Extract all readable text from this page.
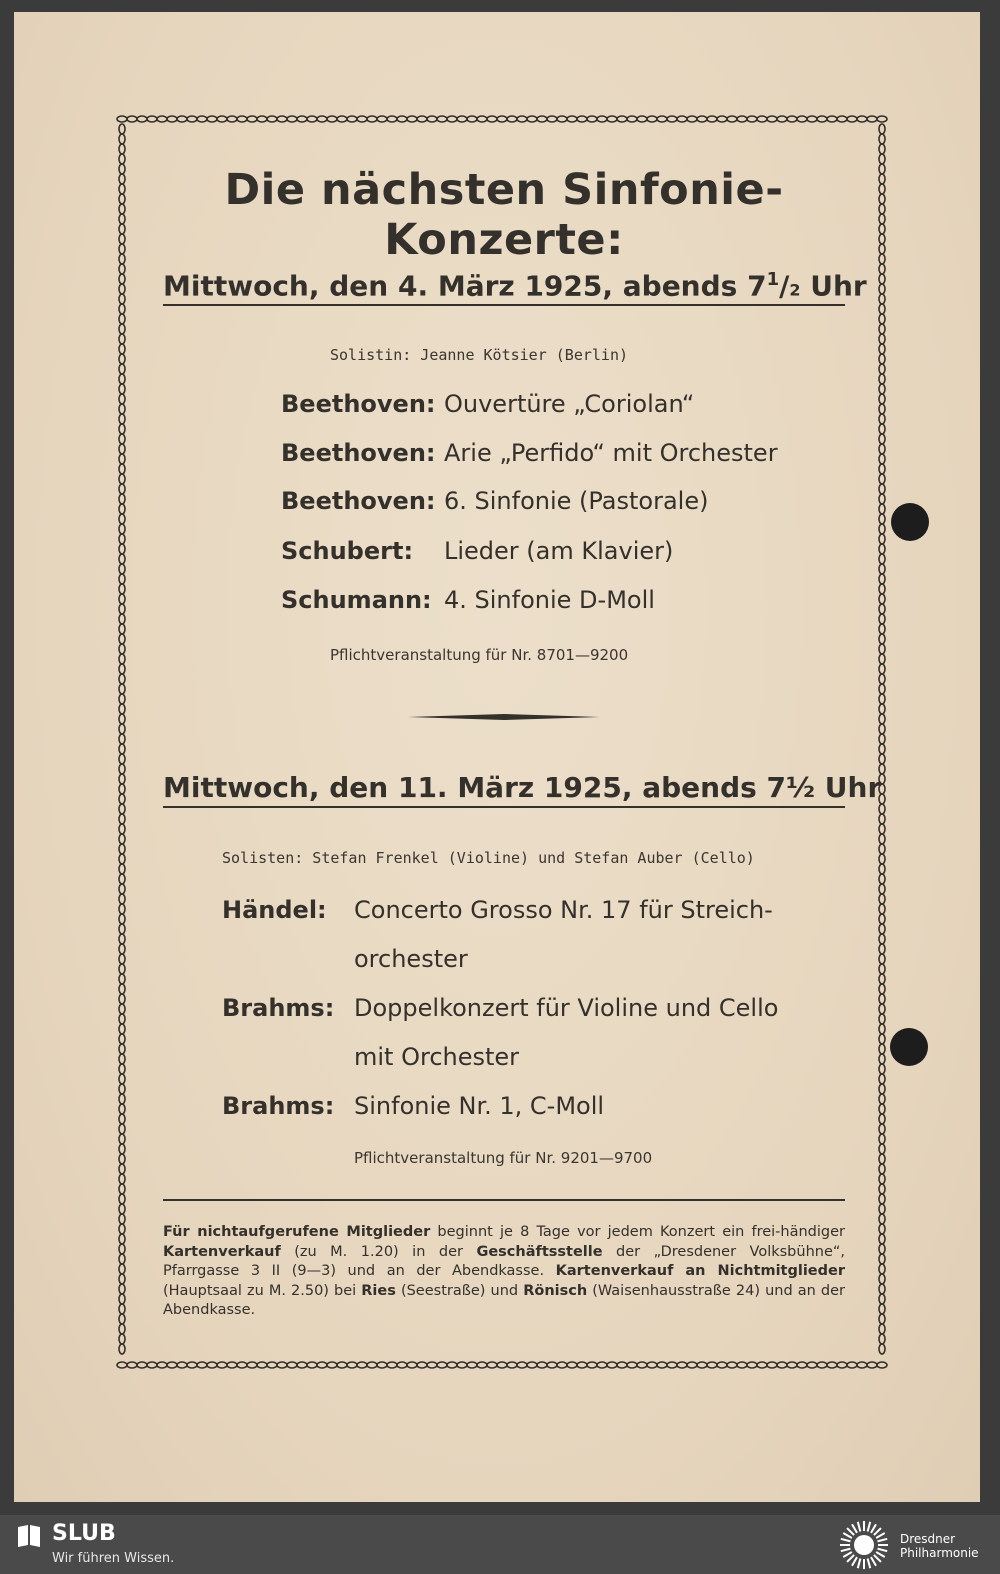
Die nächsten Sinfonie-Konzerte:
Mittwoch, den 4. März 1925, abends $7^1/2$ Uhr
Solistin: Jeanne Kötsier (Berlin)
Beethoven: Ouvertüre „Coriolan“
Beethoven: Arie „Perfido“ mit Orchester
Beethoven: 6. Sinfonie (Pastorale)
Schubert: Lieder (am Klavier)
Schumann: 4. Sinfonie D-Moll
Pflichtveranstaltung für Nr. 8701—9200
Mittwoch, den 11. März 1925, abends 7½ Uhr
Solisten: Stefan Frenkel (Violine) und Stefan Auber (Cello)
Händel: Concerto Grosso Nr. 17 für Streich-
orchester
Brahms: Doppelkonzert für Violine und Cello
mit Orchester
Brahms: Sinfonie Nr. 1, C-Moll
Pflichtveranstaltung für Nr. 9201—9700
Für nichtaufgerufene Mitglieder beginnt je 8 Tage vor jedem Konzert ein frei-händiger Kartenverkauf (zu M. 1.20) in der Geschäftsstelle der „Dresdener Volksbühne“, Pfarrgasse 3 II (9—3) und an der Abendkasse. Kartenverkauf an Nichtmitglieder (Hauptsaal zu M. 2.50) bei Ries (Seestraße) und Rönisch (Waisenhausstraße 24) und an der Abendkasse.
SLUB
Wir führen Wissen.
Dresdner
Philharmonie
